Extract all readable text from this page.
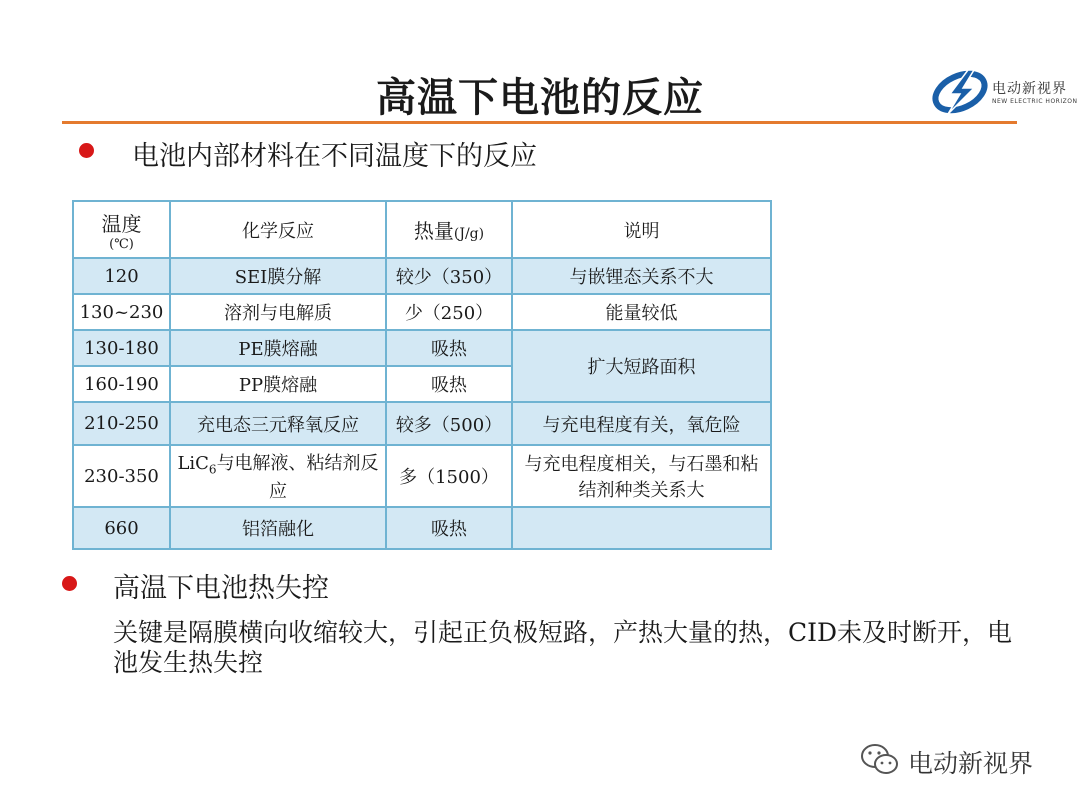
高温下电池的反应	电动新视界
NEW ELECTRIC HORIZON
电池内部材料在不同温度下的反应
温度
(℃)	化学反应	热量(J/g)	说明
120	SEI膜分解	较少（350）	与嵌锂态关系不大
130~230	溶剂与电解质	少（250）	能量较低
130-180	PE膜熔融	吸热	扩大短路面积
160-190	PP膜熔融	吸热	
210-250	充电态三元释氧反应	较多（500）	与充电程度有关，氧危险
230-350	LiC$_6$与电解液、粘结剂反应	多（1500）	与充电程度相关，与石墨和粘结剂种类关系大
660	铝箔融化	吸热	
高温下电池热失控
关键是隔膜横向收缩较大，引起正负极短路，产热大量的热，CID未及时断开，电池发生热失控
电动新视界
